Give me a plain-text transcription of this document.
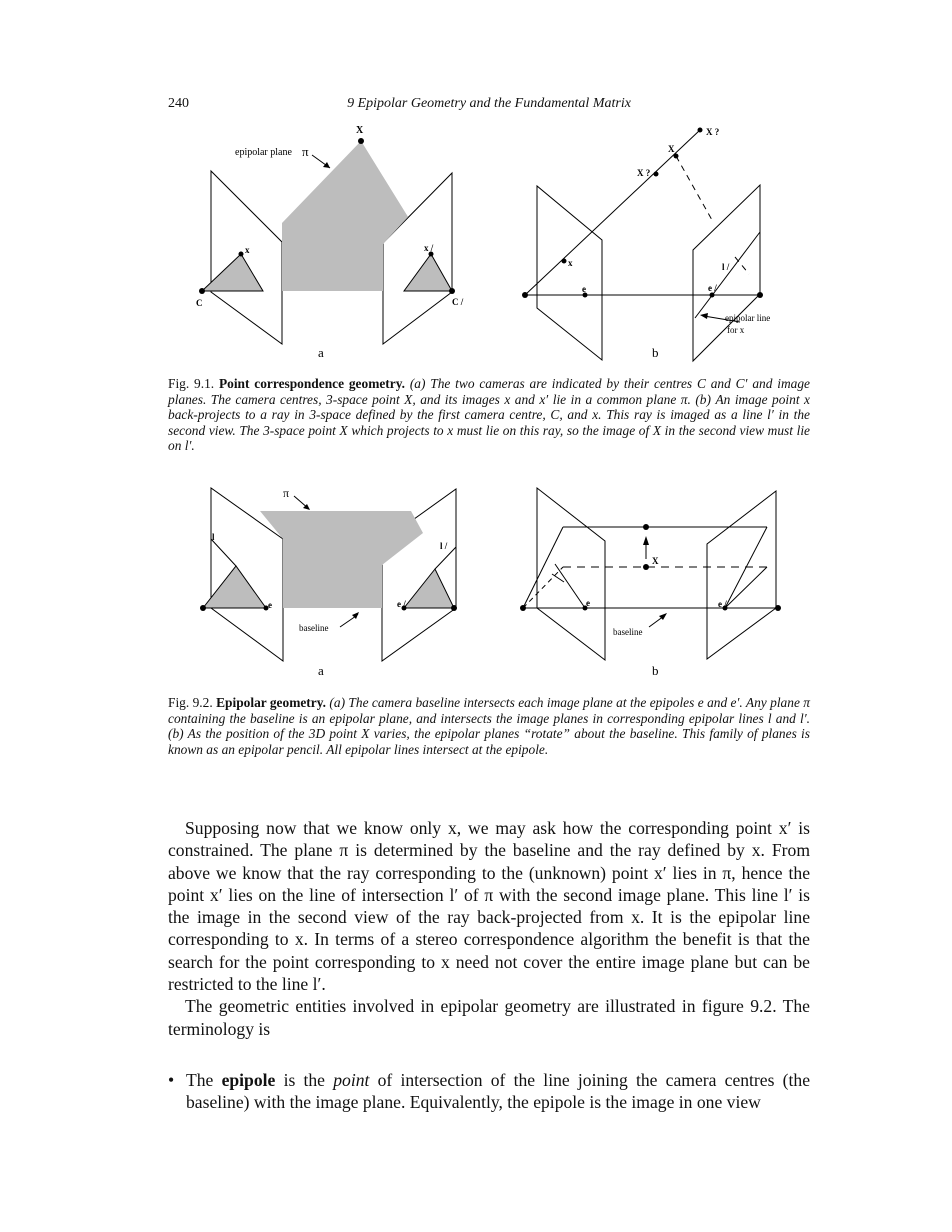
240	9 Epipolar Geometry and the Fundamental Matrix
X
epipolar plane π
x	x /
C	C /
a
X ?
X
X ?
x
e	e /
l /
epipolar line
for x
b
Fig. 9.1. Point correspondence geometry. (a) The two cameras are indicated by their centres C and C′ and image planes. The camera centres, 3-space point X, and its images x and x′ lie in a common plane π. (b) An image point x back-projects to a ray in 3-space defined by the first camera centre, C, and x. This ray is imaged as a line l′ in the second view. The 3-space point X which projects to x must lie on this ray, so the image of X in the second view must lie on l′.
π
l
l /
e	e /
baseline
a
X
e	e /
baseline
b
Fig. 9.2. Epipolar geometry. (a) The camera baseline intersects each image plane at the epipoles e and e′. Any plane π containing the baseline is an epipolar plane, and intersects the image planes in corresponding epipolar lines l and l′. (b) As the position of the 3D point X varies, the epipolar planes “rotate” about the baseline. This family of planes is known as an epipolar pencil. All epipolar lines intersect at the epipole.

Supposing now that we know only x, we may ask how the corresponding point x′ is constrained. The plane π is determined by the baseline and the ray defined by x. From above we know that the ray corresponding to the (unknown) point x′ lies in π, hence the point x′ lies on the line of intersection l′ of π with the second image plane. This line l′ is the image in the second view of the ray back-projected from x. It is the epipolar line corresponding to x. In terms of a stereo correspondence algorithm the benefit is that the search for the point corresponding to x need not cover the entire image plane but can be restricted to the line l′.

The geometric entities involved in epipolar geometry are illustrated in figure 9.2. The terminology is

• The epipole is the point of intersection of the line joining the camera centres (the baseline) with the image plane. Equivalently, the epipole is the image in one view
